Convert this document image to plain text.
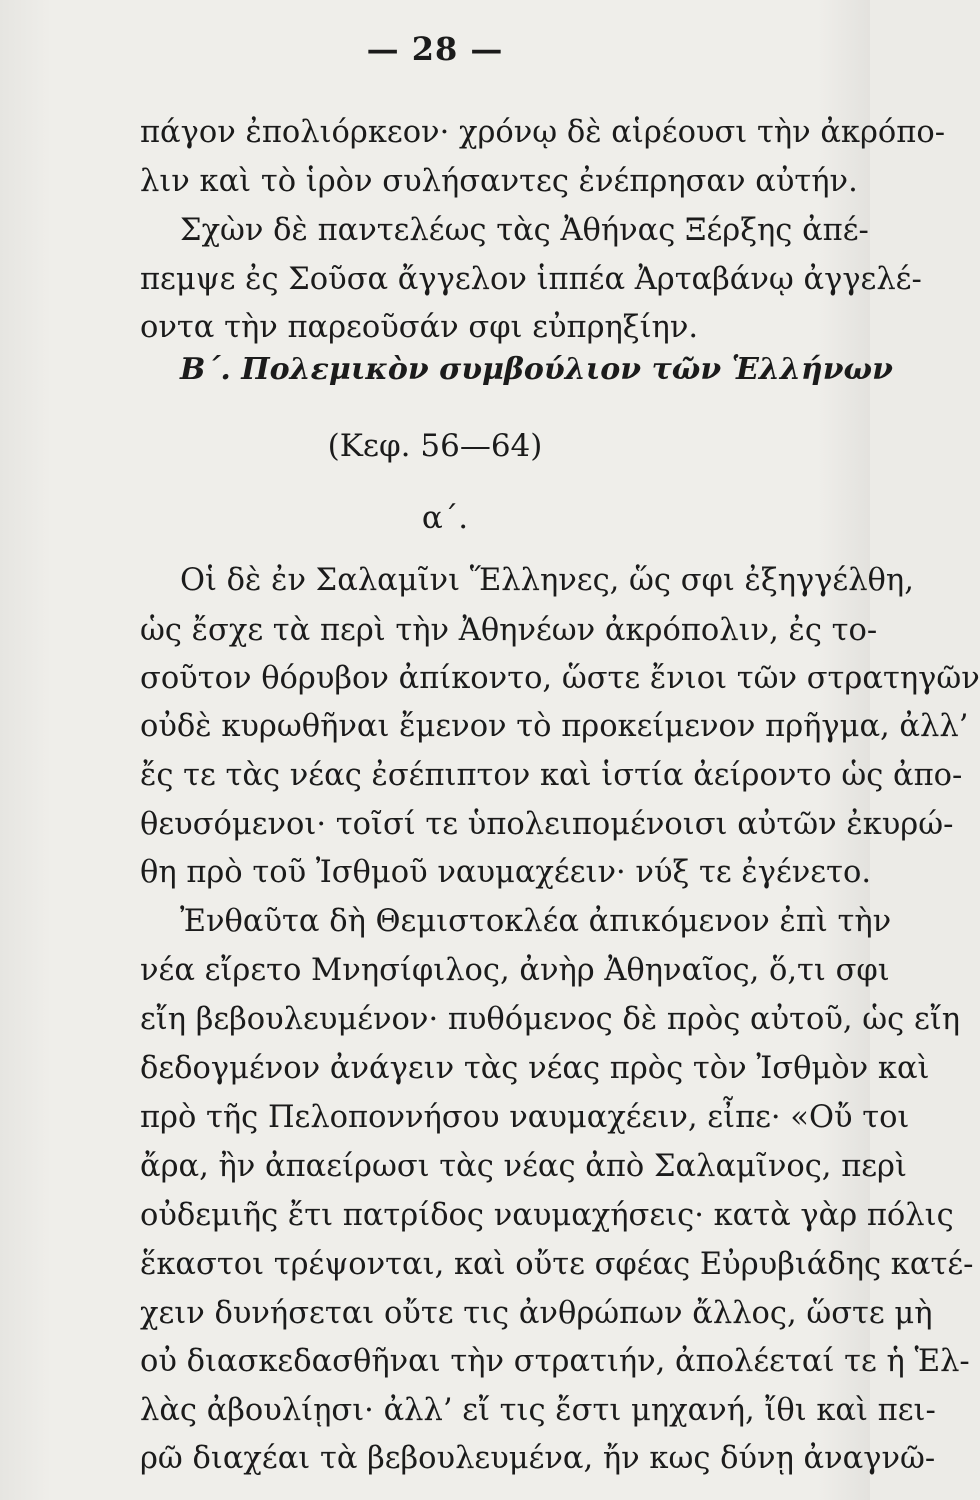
— 28 —
πάγον ἐπολιόρκεον· χρόνῳ δὲ αἱρέουσι τὴν ἀκρόπο-
λιν καὶ τὸ ἱρὸν συλήσαντες ἐνέπρησαν αὐτήν.
Σχὼν δὲ παντελέως τὰς Ἀθήνας Ξέρξης ἀπέ-
πεμψε ἐς Σοῦσα ἄγγελον ἱππέα Ἀρταβάνῳ ἀγγελέ-
οντα τὴν παρεοῦσάν σφι εὐπρηξίην.
Β΄. Πολεμικὸν συμβούλιον τῶν Ἑλλήνων
(Κεφ. 56—64)
α΄.
Οἱ δὲ ἐν Σαλαμῖνι Ἕλληνες, ὥς σφι ἐξηγγέλθη,
ὡς ἔσχε τὰ περὶ τὴν Ἀθηνέων ἀκρόπολιν, ἐς το-
σοῦτον θόρυβον ἀπίκοντο, ὥστε ἔνιοι τῶν στρατηγῶν
οὐδὲ κυρωθῆναι ἔμενον τὸ προκείμενον πρῆγμα, ἀλλ’
ἔς τε τὰς νέας ἐσέπιπτον καὶ ἱστία ἀείροντο ὡς ἀπο-
θευσόμενοι· τοῖσί τε ὑπολειπομένοισι αὐτῶν ἐκυρώ-
θη πρὸ τοῦ Ἰσθμοῦ ναυμαχέειν· νύξ τε ἐγένετο.
Ἐνθαῦτα δὴ Θεμιστοκλέα ἀπικόμενον ἐπὶ τὴν
νέα εἴρετο Μνησίφιλος, ἀνὴρ Ἀθηναῖος, ὅ,τι σφι
εἴη βεβουλευμένον· πυθόμενος δὲ πρὸς αὐτοῦ, ὡς εἴη
δεδογμένον ἀνάγειν τὰς νέας πρὸς τὸν Ἰσθμὸν καὶ
πρὸ τῆς Πελοποννήσου ναυμαχέειν, εἶπε· «Οὔ τοι
ἄρα, ἢν ἀπαείρωσι τὰς νέας ἀπὸ Σαλαμῖνος, περὶ
οὐδεμιῆς ἔτι πατρίδος ναυμαχήσεις· κατὰ γὰρ πόλις
ἕκαστοι τρέψονται, καὶ οὔτε σφέας Εὐρυβιάδης κατέ-
χειν δυνήσεται οὔτε τις ἀνθρώπων ἄλλος, ὥστε μὴ
οὐ διασκεδασθῆναι τὴν στρατιήν, ἀπολέεταί τε ἡ Ἑλ-
λὰς ἀβουλίῃσι· ἀλλ’ εἴ τις ἔστι μηχανή, ἴθι καὶ πει-
ρῶ διαχέαι τὰ βεβουλευμένα, ἤν κως δύνῃ ἀναγνῶ-
